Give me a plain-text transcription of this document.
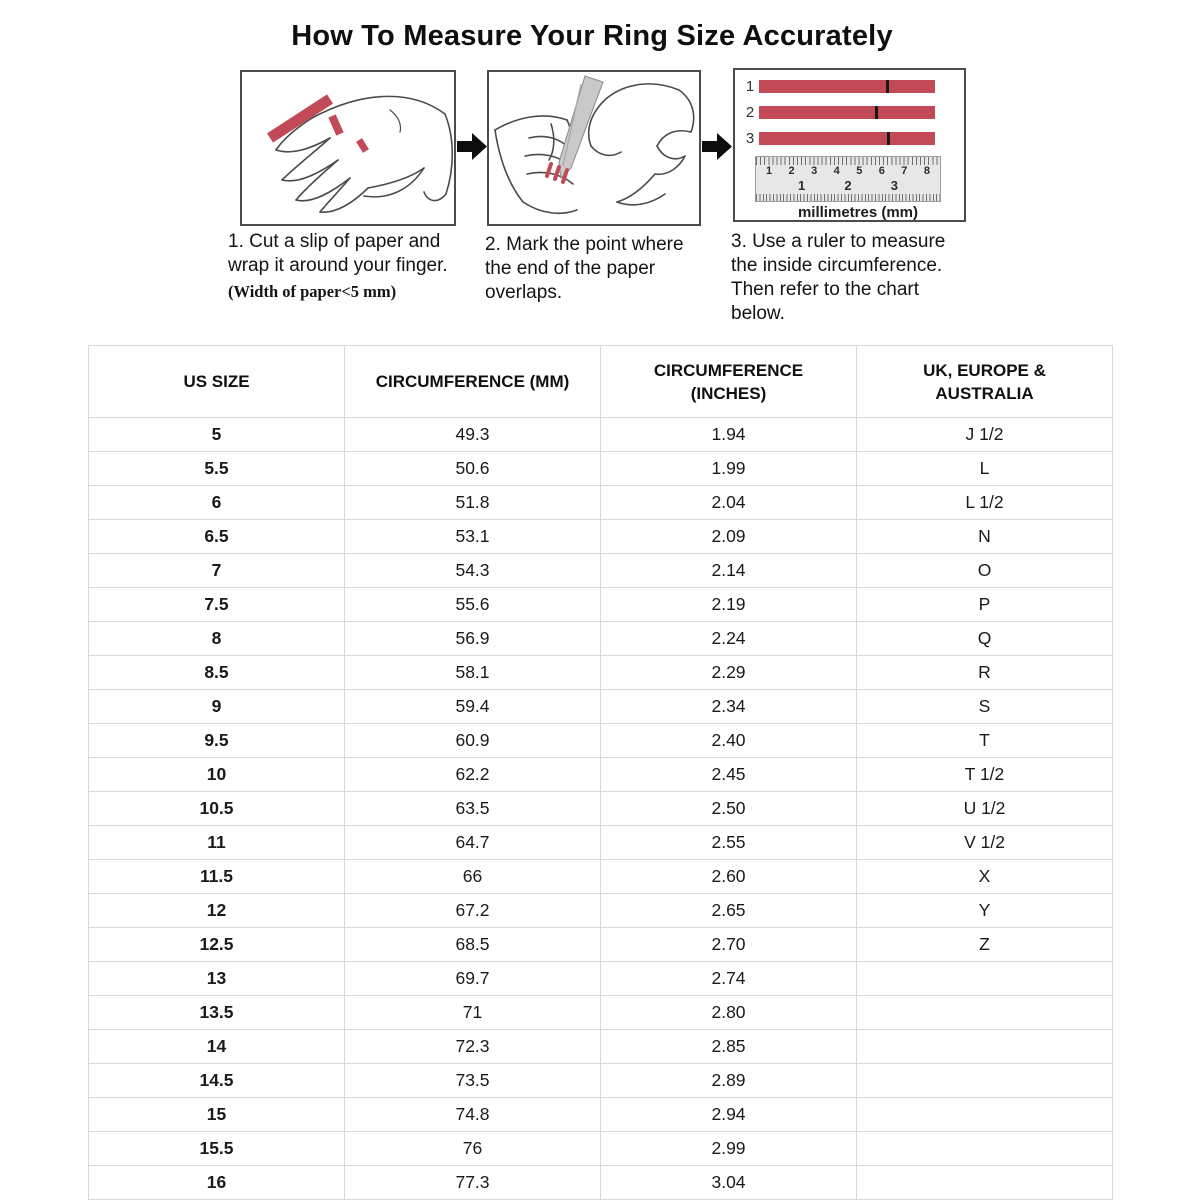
How To Measure Your Ring Size Accurately
1
2
3
1 2 3 4 5 6 7 8
1	2	3
millimetres (mm)
1. Cut a slip of paper and wrap it around your finger.
(Width of paper<5 mm)
2. Mark the point where the end of the paper overlaps.
3. Use a ruler to measure the inside circumference. Then refer to the chart below.
US SIZE	CIRCUMFERENCE (MM)	CIRCUMFERENCE (INCHES)	UK, EUROPE & AUSTRALIA
5	49.3	1.94	J 1/2
5.5	50.6	1.99	L
6	51.8	2.04	L 1/2
6.5	53.1	2.09	N
7	54.3	2.14	O
7.5	55.6	2.19	P
8	56.9	2.24	Q
8.5	58.1	2.29	R
9	59.4	2.34	S
9.5	60.9	2.40	T
10	62.2	2.45	T 1/2
10.5	63.5	2.50	U 1/2
11	64.7	2.55	V 1/2
11.5	66	2.60	X
12	67.2	2.65	Y
12.5	68.5	2.70	Z
13	69.7	2.74	
13.5	71	2.80	
14	72.3	2.85	
14.5	73.5	2.89	
15	74.8	2.94	
15.5	76	2.99	
16	77.3	3.04	
